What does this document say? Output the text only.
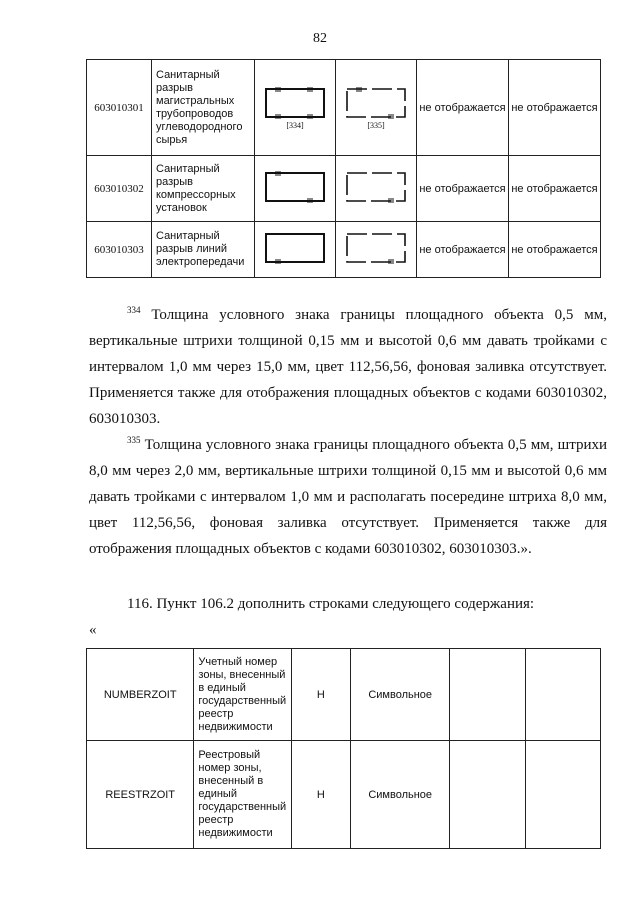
82
603010301	Санитарный разрыв магистральных трубопроводов углеводородного сырья	[334]	[335]	не отображается	не отображается
603010302	Санитарный разрыв компрессорных установок			не отображается	не отображается
603010303	Санитарный разрыв линий электропередачи			не отображается	не отображается

$^{334}$ Толщина условного знака границы площадного объекта 0,5 мм, вертикальные штрихи толщиной 0,15 мм и высотой 0,6 мм давать тройками с интервалом 1,0 мм через 15,0 мм, цвет 112,56,56, фоновая заливка отсутствует. Применяется также для отображения площадных объектов с кодами 603010302, 603010303.

$^{335}$ Толщина условного знака границы площадного объекта 0,5 мм, штрихи 8,0 мм через 2,0 мм, вертикальные штрихи толщиной 0,15 мм и высотой 0,6 мм давать тройками с интервалом 1,0 мм и располагать посередине штриха 8,0 мм, цвет 112,56,56, фоновая заливка отсутствует. Применяется также для отображения площадных объектов с кодами 603010302, 603010303.».

116. Пункт 106.2 дополнить строками следующего содержания:

«
NUMBERZOIT	Учетный номер зоны, внесенный в единый государственный реестр недвижимости	Н	Символьное		
REESTRZOIT	Реестровый номер зоны, внесенный в единый государственный реестр недвижимости	Н	Символьное		
